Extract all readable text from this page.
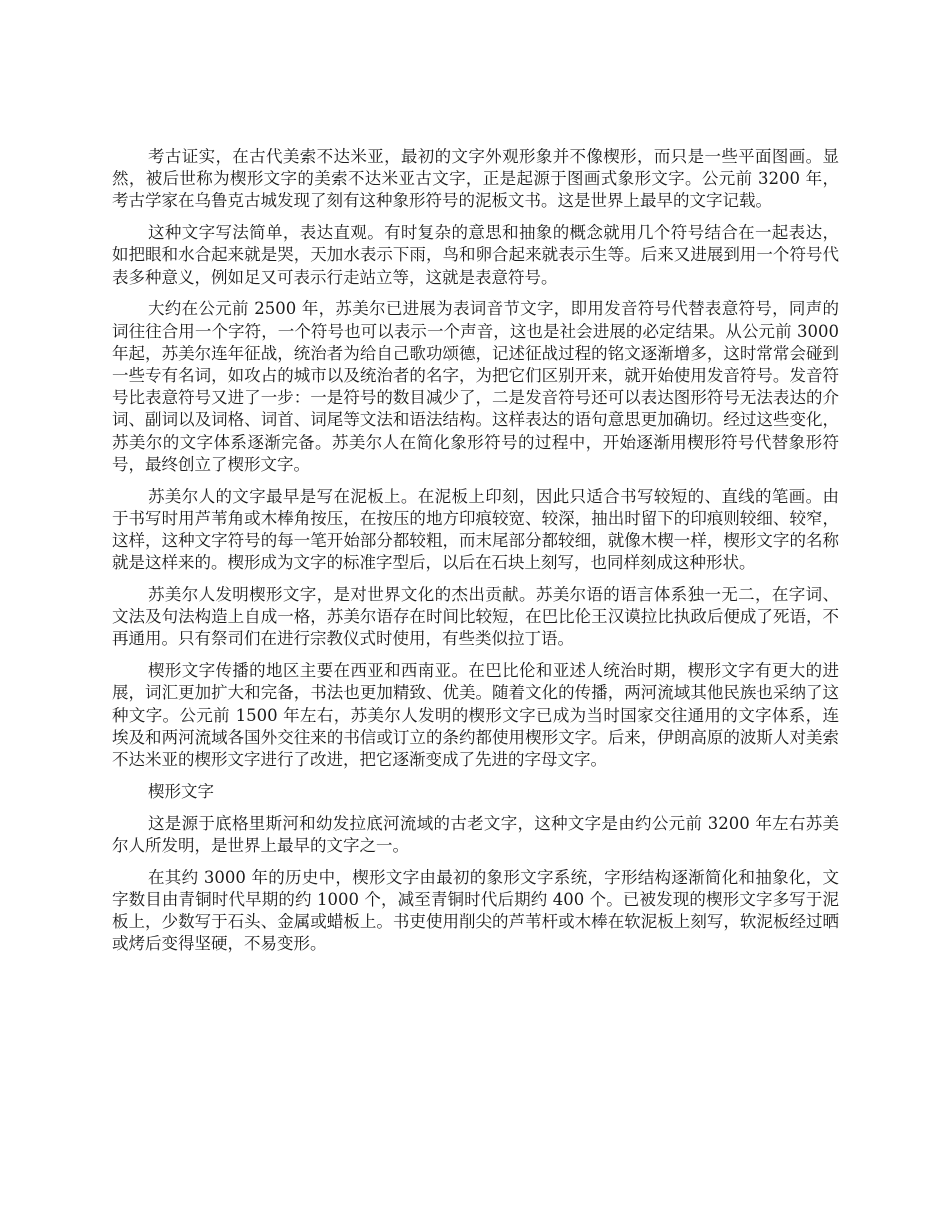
考古证实，在古代美索不达米亚，最初的文字外观形象并不像楔形，而只是一些平面图画。显然，被后世称为楔形文字的美索不达米亚古文字，正是起源于图画式象形文字。公元前 3200 年，考古学家在乌鲁克古城发现了刻有这种象形符号的泥板文书。这是世界上最早的文字记载。

这种文字写法简单，表达直观。有时复杂的意思和抽象的概念就用几个符号结合在一起表达，如把眼和水合起来就是哭，天加水表示下雨，鸟和卵合起来就表示生等。后来又进展到用一个符号代表多种意义，例如足又可表示行走站立等，这就是表意符号。

大约在公元前 2500 年，苏美尔已进展为表词音节文字，即用发音符号代替表意符号，同声的词往往合用一个字符，一个符号也可以表示一个声音，这也是社会进展的必定结果。从公元前 3000 年起，苏美尔连年征战，统治者为给自己歌功颂德，记述征战过程的铭文逐渐增多，这时常常会碰到一些专有名词，如攻占的城市以及统治者的名字，为把它们区别开来，就开始使用发音符号。发音符号比表意符号又进了一步：一是符号的数目减少了，二是发音符号还可以表达图形符号无法表达的介词、副词以及词格、词首、词尾等文法和语法结构。这样表达的语句意思更加确切。经过这些变化，苏美尔的文字体系逐渐完备。苏美尔人在简化象形符号的过程中，开始逐渐用楔形符号代替象形符号，最终创立了楔形文字。

苏美尔人的文字最早是写在泥板上。在泥板上印刻，因此只适合书写较短的、直线的笔画。由于书写时用芦苇角或木棒角按压，在按压的地方印痕较宽、较深，抽出时留下的印痕则较细、较窄，这样，这种文字符号的每一笔开始部分都较粗，而末尾部分都较细，就像木楔一样，楔形文字的名称就是这样来的。楔形成为文字的标准字型后，以后在石块上刻写，也同样刻成这种形状。

苏美尔人发明楔形文字，是对世界文化的杰出贡献。苏美尔语的语言体系独一无二，在字词、文法及句法构造上自成一格，苏美尔语存在时间比较短，在巴比伦王汉谟拉比执政后便成了死语，不再通用。只有祭司们在进行宗教仪式时使用，有些类似拉丁语。

楔形文字传播的地区主要在西亚和西南亚。在巴比伦和亚述人统治时期，楔形文字有更大的进展，词汇更加扩大和完备，书法也更加精致、优美。随着文化的传播，两河流域其他民族也采纳了这种文字。公元前 1500 年左右，苏美尔人发明的楔形文字已成为当时国家交往通用的文字体系，连埃及和两河流域各国外交往来的书信或订立的条约都使用楔形文字。后来，伊朗高原的波斯人对美索不达米亚的楔形文字进行了改进，把它逐渐变成了先进的字母文字。

楔形文字

这是源于底格里斯河和幼发拉底河流域的古老文字，这种文字是由约公元前 3200 年左右苏美尔人所发明，是世界上最早的文字之一。

在其约 3000 年的历史中，楔形文字由最初的象形文字系统，字形结构逐渐简化和抽象化，文字数目由青铜时代早期的约 1000 个，减至青铜时代后期约 400 个。已被发现的楔形文字多写于泥板上，少数写于石头、金属或蜡板上。书吏使用削尖的芦苇杆或木棒在软泥板上刻写，软泥板经过晒或烤后变得坚硬，不易变形。
